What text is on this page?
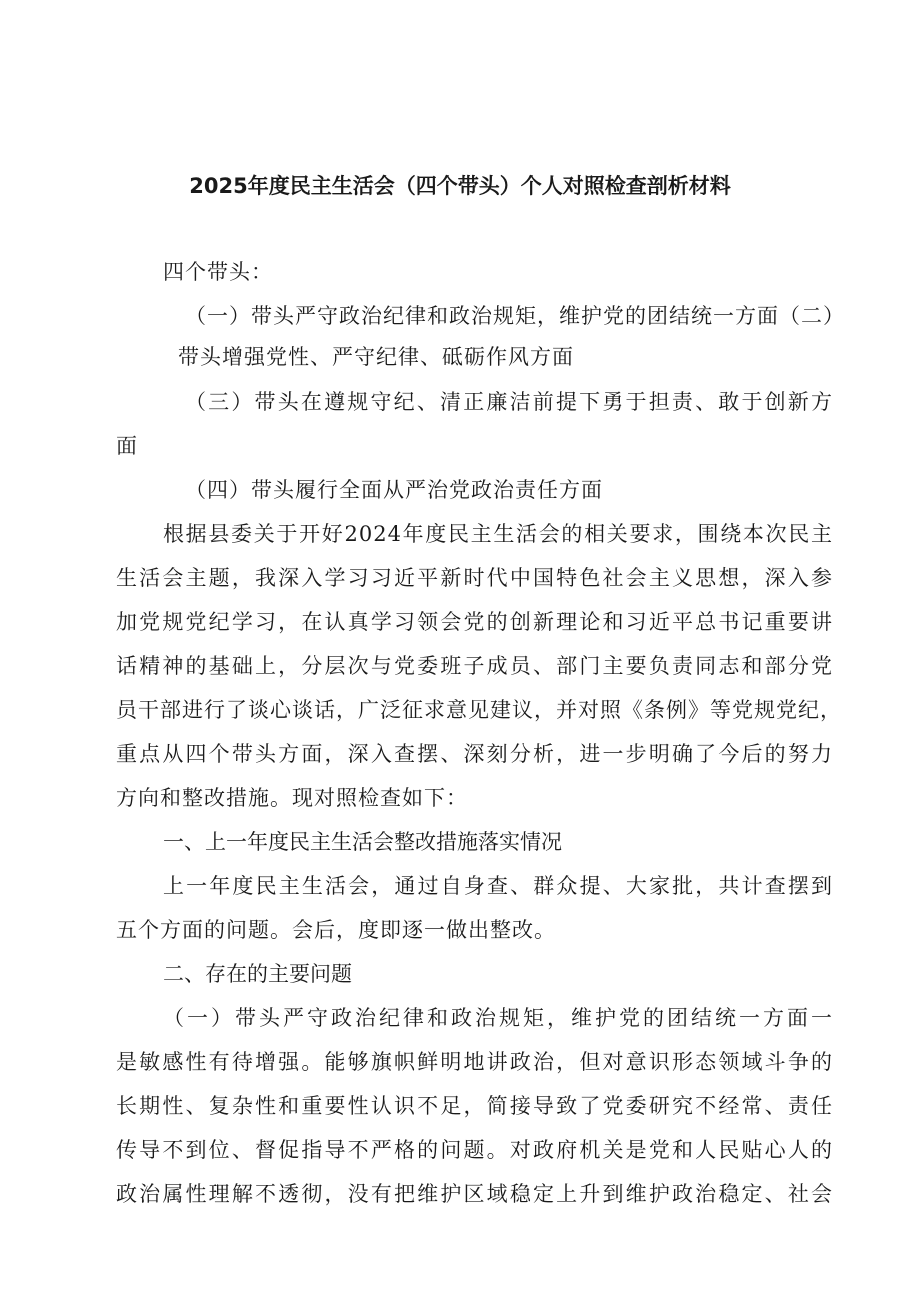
2025年度民主生活会（四个带头）个人对照检查剖析材料
四个带头：
（一）带头严守政治纪律和政治规矩，维护党的团结统一方面（二）
带头增强党性、严守纪律、砥砺作风方面
（三）带头在遵规守纪、清正廉洁前提下勇于担责、敢于创新方
面
（四）带头履行全面从严治党政治责任方面
根据县委关于开好2024年度民主生活会的相关要求，围绕本次民主
生活会主题，我深入学习习近平新时代中国特色社会主义思想，深入参
加党规党纪学习，在认真学习领会党的创新理论和习近平总书记重要讲
话精神的基础上，分层次与党委班子成员、部门主要负责同志和部分党
员干部进行了谈心谈话，广泛征求意见建议，并对照《条例》等党规党纪，
重点从四个带头方面，深入查摆、深刻分析，进一步明确了今后的努力
方向和整改措施。现对照检查如下：
一、上一年度民主生活会整改措施落实情况
上一年度民主生活会，通过自身查、群众提、大家批，共计查摆到
五个方面的问题。会后，度即逐一做出整改。
二、存在的主要问题
（一）带头严守政治纪律和政治规矩，维护党的团结统一方面一
是敏感性有待增强。能够旗帜鲜明地讲政治，但对意识形态领域斗争的
长期性、复杂性和重要性认识不足，简接导致了党委研究不经常、责任
传导不到位、督促指导不严格的问题。对政府机关是党和人民贴心人的
政治属性理解不透彻，没有把维护区域稳定上升到维护政治稳定、社会
